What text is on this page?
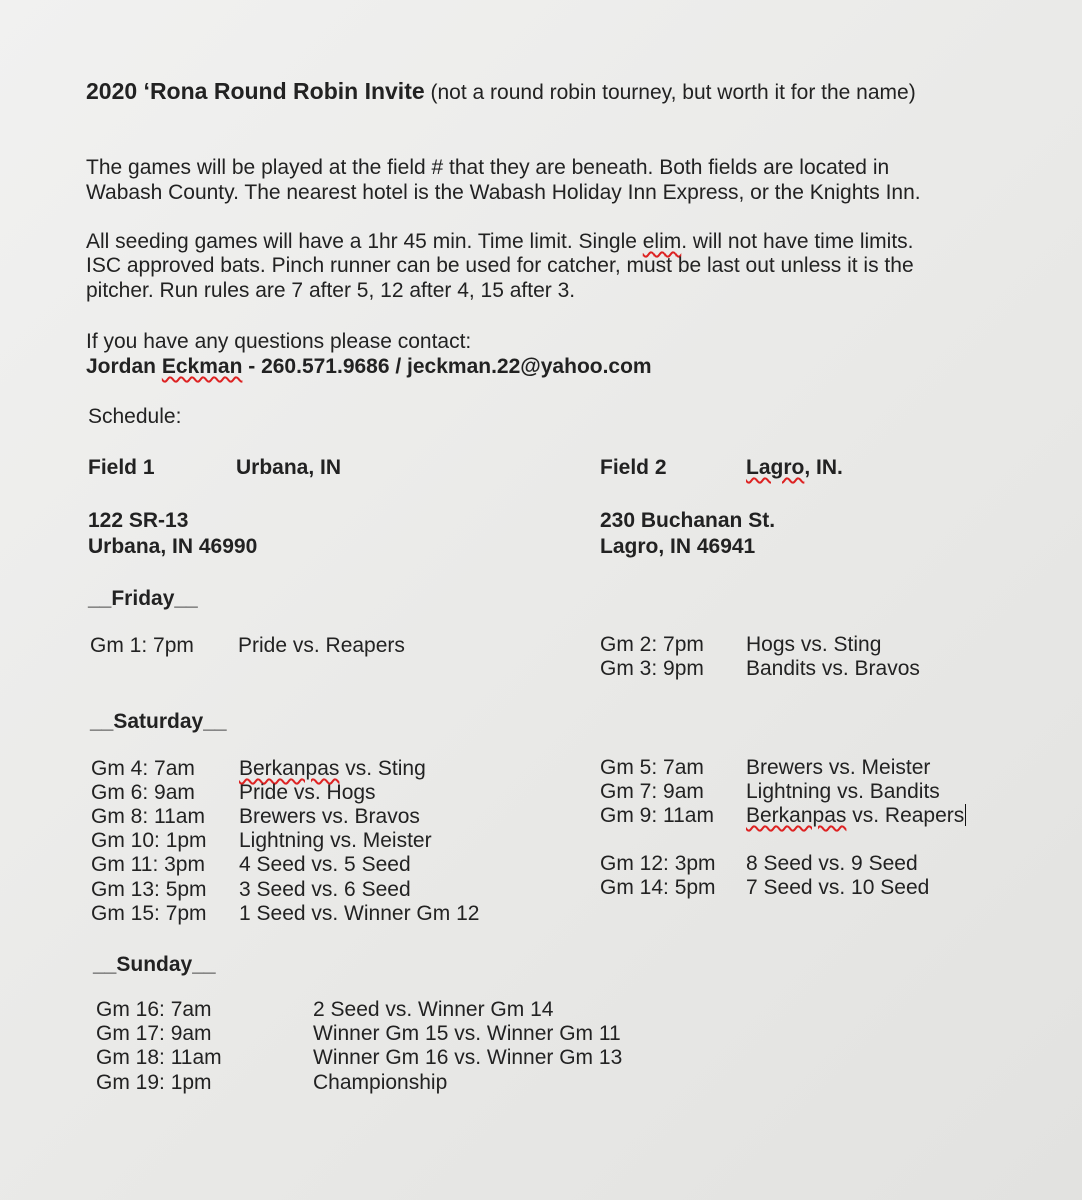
2020 ‘Rona Round Robin Invite (not a round robin tourney, but worth it for the name)
The games will be played at the field # that they are beneath. Both fields are located in
Wabash County. The nearest hotel is the Wabash Holiday Inn Express, or the Knights Inn.
All seeding games will have a 1hr 45 min. Time limit. Single elim. will not have time limits.
ISC approved bats. Pinch runner can be used for catcher, must be last out unless it is the
pitcher. Run rules are 7 after 5, 12 after 4, 15 after 3.
If you have any questions please contact:
Jordan Eckman - 260.571.9686 / jeckman.22@yahoo.com
Schedule:
Field 1	Urbana, IN	Field 2	Lagro, IN.
122 SR-13
Urbana, IN 46990
230 Buchanan St.
Lagro, IN 46941
__Friday__
Gm 1: 7pm Pride vs. Reapers	Gm 2: 7pm Hogs vs. Sting
Gm 3: 9pm Bandits vs. Bravos
__Saturday__
Gm 4: 7am Berkanpas vs. Sting
Gm 6: 9am Pride vs. Hogs
Gm 8: 11am Brewers vs. Bravos
Gm 10: 1pm Lightning vs. Meister
Gm 11: 3pm 4 Seed vs. 5 Seed
Gm 13: 5pm 3 Seed vs. 6 Seed
Gm 15: 7pm 1 Seed vs. Winner Gm 12
Gm 5: 7am Brewers vs. Meister
Gm 7: 9am Lightning vs. Bandits
Gm 9: 11am Berkanpas vs. Reapers
Gm 12: 3pm 8 Seed vs. 9 Seed
Gm 14: 5pm 7 Seed vs. 10 Seed
__Sunday__
Gm 16: 7am	2 Seed vs. Winner Gm 14
Gm 17: 9am	Winner Gm 15 vs. Winner Gm 11
Gm 18: 11am	Winner Gm 16 vs. Winner Gm 13
Gm 19: 1pm	Championship
